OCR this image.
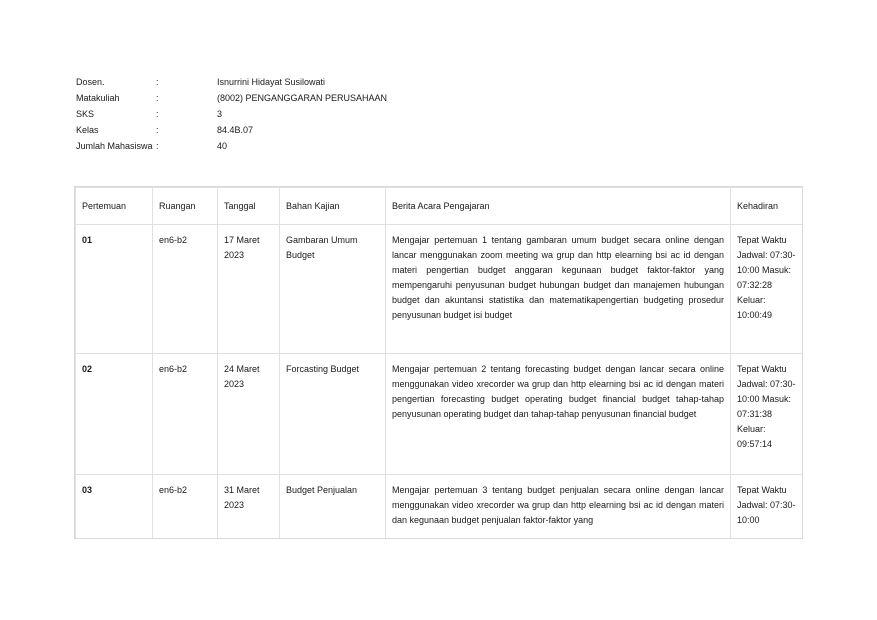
Dosen.	:	Isnurrini Hidayat Susilowati
Matakuliah	:	(8002) PENGANGGARAN PERUSAHAAN
SKS	:	3
Kelas	:	84.4B.07
Jumlah Mahasiswa :	40
Pertemuan	Ruangan	Tanggal	Bahan Kajian	Berita Acara Pengajaran	Kehadiran
01	en6-b2	17 Maret 2023	Gambaran Umum Budget	Mengajar pertemuan 1 tentang gambaran umum budget secara online dengan lancar menggunakan zoom meeting wa grup dan http elearning bsi ac id dengan materi pengertian budget anggaran kegunaan budget faktor-faktor yang mempengaruhi penyusunan budget hubungan budget dan manajemen hubungan budget dan akuntansi statistika dan matematikapengertian budgeting prosedur penyusunan budget isi budget	Tepat Waktu Jadwal: 07:30-10:00 Masuk: 07:32:28 Keluar: 10:00:49
02	en6-b2	24 Maret 2023	Forcasting Budget	Mengajar pertemuan 2 tentang forecasting budget dengan lancar secara online menggunakan video xrecorder wa grup dan http elearning bsi ac id dengan materi pengertian forecasting budget operating budget financial budget tahap-tahap penyusunan operating budget dan tahap-tahap penyusunan financial budget	Tepat Waktu Jadwal: 07:30-10:00 Masuk: 07:31:38 Keluar: 09:57:14
03	en6-b2	31 Maret 2023	Budget Penjualan	Mengajar pertemuan 3 tentang budget penjualan secara online dengan lancar menggunakan video xrecorder wa grup dan http elearning bsi ac id dengan materi dan kegunaan budget penjualan faktor-faktor yang	Tepat Waktu Jadwal: 07:30-10:00
